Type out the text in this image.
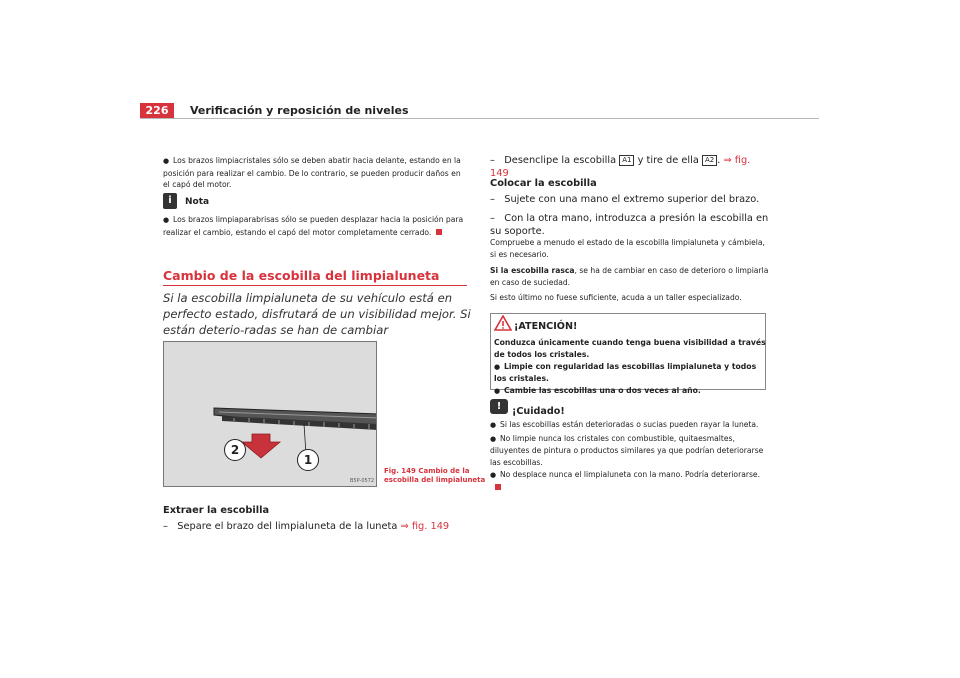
226	Verificación y reposición de niveles
●Los brazos limpiacristales sólo se deben abatir hacia delante, estando en la posición para realizar el cambio. De lo contrario, se pueden producir daños en el capó del motor.
i	Nota
●Los brazos limpiaparabrisas sólo se pueden desplazar hacia la posición para realizar el cambio, estando el capó del motor completamente cerrado.
Cambio de la escobilla del limpialuneta
Si la escobilla limpialuneta de su vehículo está en perfecto estado, disfrutará de un visibilidad mejor. Si están deterio-radas se han de cambiar
2
1
B5P-0572
Fig. 149 Cambio de la
escobilla del limpialuneta
Extraer la escobilla
–   Separe el brazo del limpialuneta de la luneta ⇒ fig. 149
–   Desenclipe la escobilla A1 y tire de ella A2 . ⇒ fig. 149
Colocar la escobilla
–   Sujete con una mano el extremo superior del brazo.
–   Con la otra mano, introduzca a presión la escobilla en su soporte.
Compruebe a menudo el estado de la escobilla limpialuneta y cámbiela, si es necesario.
Si la escobilla rasca, se ha de cambiar en caso de deterioro o limpiarla en caso de suciedad.
Si esto último no fuese suficiente, acuda a un taller especializado.
¡ATENCIÓN!
Conduzca únicamente cuando tenga buena visibilidad a través de todos los cristales.
●Limpie con regularidad las escobillas limpialuneta y todos los cristales.
●Cambie las escobillas una o dos veces al año.
!	¡Cuidado!
●Si las escobillas están deterioradas o sucias pueden rayar la luneta.
●No limpie nunca los cristales con combustible, quitaesmaltes, diluyentes de pintura o productos similares ya que podrían deteriorarse las escobillas.
●No desplace nunca el limpialuneta con la mano. Podría deteriorarse.
